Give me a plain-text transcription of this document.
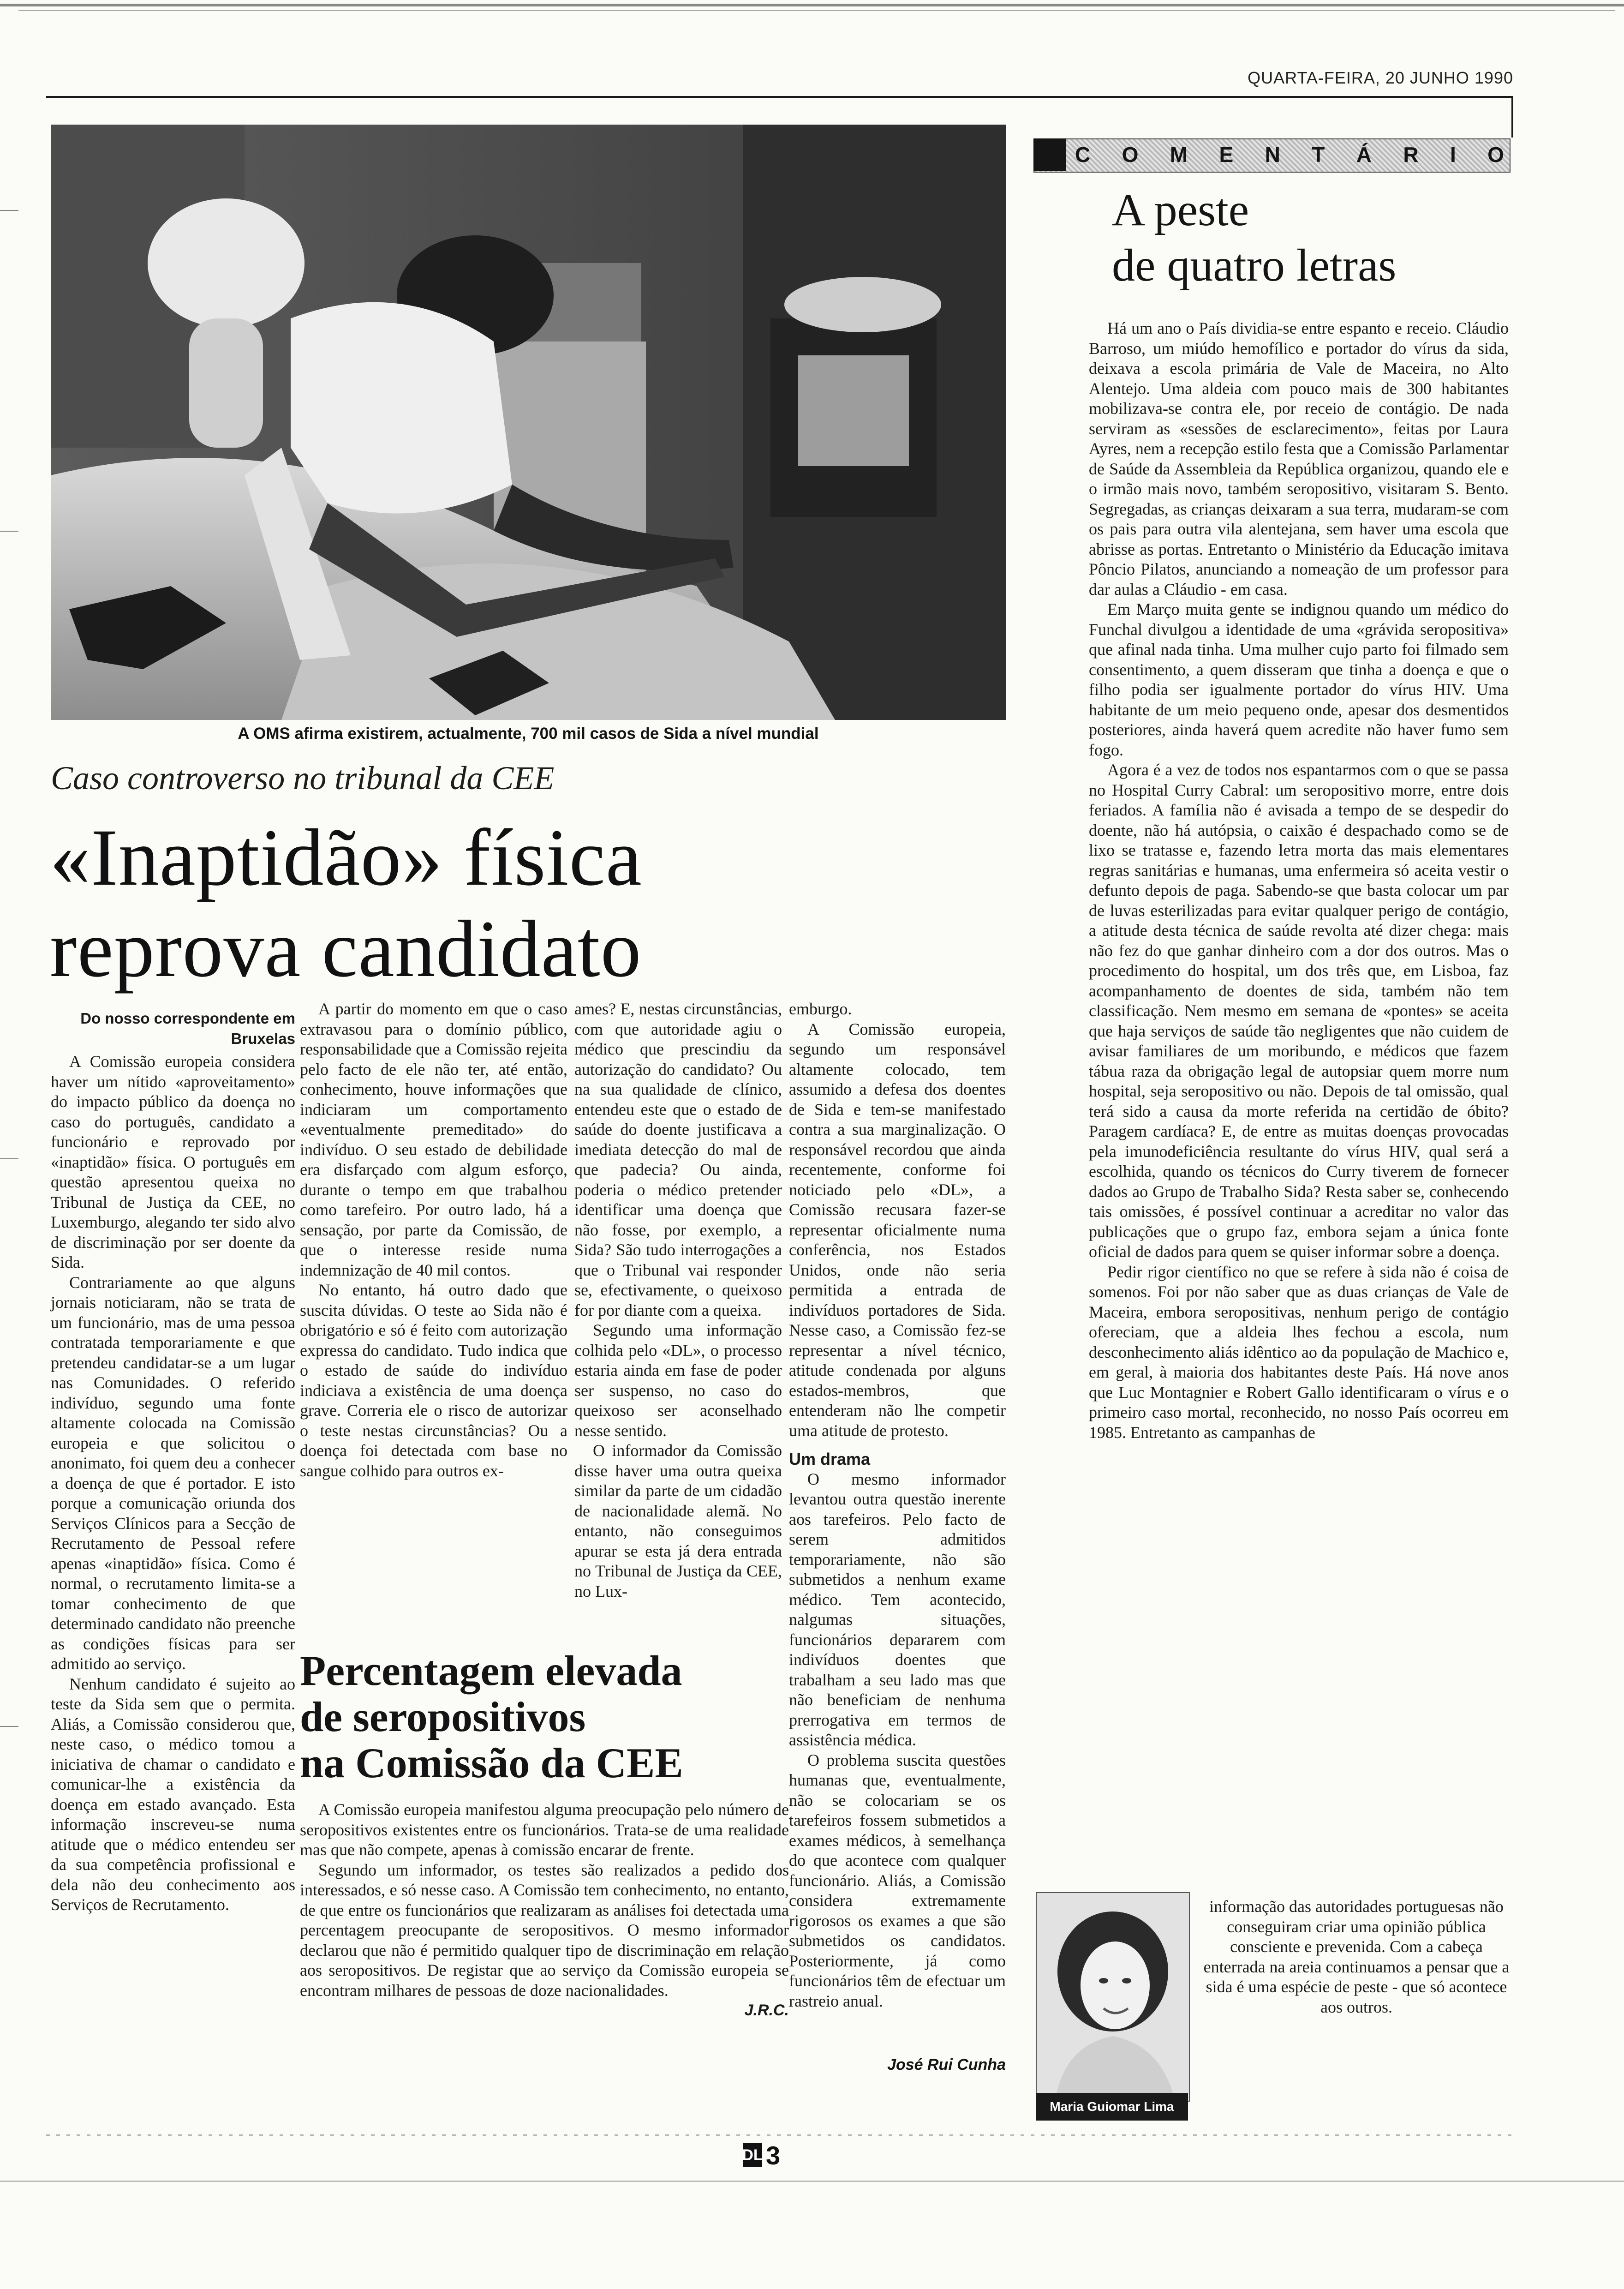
QUARTA-FEIRA, 20 JUNHO 1990
A OMS afirma existirem, actualmente, 700 mil casos de Sida a nível mundial
Caso controverso no tribunal da CEE
«Inaptidão» física
reprova candidato
Do nosso correspondente em Bruxelas

A Comissão europeia considera haver um nítido «aproveitamento» do impacto público da doença no caso do português, candidato a funcionário e reprovado por «inaptidão» física. O português em questão apresentou queixa no Tribunal de Justiça da CEE, no Luxemburgo, alegando ter sido alvo de discriminação por ser doente da Sida.

Contrariamente ao que alguns jornais noticiaram, não se trata de um funcionário, mas de uma pessoa contratada temporariamente e que pretendeu candidatar-se a um lugar nas Comunidades. O referido indivíduo, segundo uma fonte altamente colocada na Comissão europeia e que solicitou o anonimato, foi quem deu a conhecer a doença de que é portador. E isto porque a comunicação oriunda dos Serviços Clínicos para a Secção de Recrutamento de Pessoal refere apenas «inaptidão» física. Como é normal, o recrutamento limita-se a tomar conhecimento de que determinado candidato não preenche as condições físicas para ser admitido ao serviço.

Nenhum candidato é sujeito ao teste da Sida sem que o permita. Aliás, a Comissão considerou que, neste caso, o médico tomou a iniciativa de chamar o candidato e comunicar-lhe a existência da doença em estado avançado. Esta informação inscreveu-se numa atitude que o médico entendeu ser da sua competência profissional e dela não deu conhecimento aos Serviços de Recrutamento.

A partir do momento em que o caso extravasou para o domínio público, responsabilidade que a Comissão rejeita pelo facto de ele não ter, até então, conhecimento, houve informações que indiciaram um comportamento «eventualmente premeditado» do indivíduo. O seu estado de debilidade era disfarçado com algum esforço, durante o tempo em que trabalhou como tarefeiro. Por outro lado, há a sensação, por parte da Comissão, de que o interesse reside numa indemnização de 40 mil contos.

No entanto, há outro dado que suscita dúvidas. O teste ao Sida não é obrigatório e só é feito com autorização expressa do candidato. Tudo indica que o estado de saúde do indivíduo indiciava a existência de uma doença grave. Correria ele o risco de autorizar o teste nestas circunstâncias? Ou a doença foi detectada com base no sangue colhido para outros ex-

ames? E, nestas circunstâncias, com que autoridade agiu o médico que prescindiu da autorização do candidato? Ou na sua qualidade de clínico, entendeu este que o estado de saúde do doente justificava a imediata detecção do mal de que padecia? Ou ainda, poderia o médico pretender identificar uma doença que não fosse, por exemplo, a Sida? São tudo interrogações a que o Tribunal vai responder se, efectivamente, o queixoso for por diante com a queixa.

Segundo uma informação colhida pelo «DL», o processo estaria ainda em fase de poder ser suspenso, no caso do queixoso ser aconselhado nesse sentido.

O informador da Comissão disse haver uma outra queixa similar da parte de um cidadão de nacionalidade alemã. No entanto, não conseguimos apurar se esta já dera entrada no Tribunal de Justiça da CEE, no Lux-

emburgo.

A Comissão europeia, segundo um responsável altamente colocado, tem assumido a defesa dos doentes de Sida e tem-se manifestado contra a sua marginalização. O responsável recordou que ainda recentemente, conforme foi noticiado pelo «DL», a Comissão recusara fazer-se representar oficialmente numa conferência, nos Estados Unidos, onde não seria permitida a entrada de indivíduos portadores de Sida. Nesse caso, a Comissão fez-se representar a nível técnico, atitude condenada por alguns estados-membros, que entenderam não lhe competir uma atitude de protesto.

Um drama

O mesmo informador levantou outra questão inerente aos tarefeiros. Pelo facto de serem admitidos temporariamente, não são submetidos a nenhum exame médico. Tem acontecido, nalgumas situações, funcionários depararem com indivíduos doentes que trabalham a seu lado mas que não beneficiam de nenhuma prerrogativa em termos de assistência médica.

O problema suscita questões humanas que, eventualmente, não se colocariam se os tarefeiros fossem submetidos a exames médicos, à semelhança do que acontece com qualquer funcionário. Aliás, a Comissão considera extremamente rigorosos os exames a que são submetidos os candidatos. Posteriormente, já como funcionários têm de efectuar um rastreio anual.

José Rui Cunha
Percentagem elevada
de seropositivos
na Comissão da CEE

A Comissão europeia manifestou alguma preocupação pelo número de seropositivos existentes entre os funcionários. Trata-se de uma realidade mas que não compete, apenas à comissão encarar de frente.

Segundo um informador, os testes são realizados a pedido dos interessados, e só nesse caso. A Comissão tem conhecimento, no entanto, de que entre os funcionários que realizaram as análises foi detectada uma percentagem preocupante de seropositivos. O mesmo informador declarou que não é permitido qualquer tipo de discriminação em relação aos seropositivos. De registar que ao serviço da Comissão europeia se encontram milhares de pessoas de doze nacionalidades.

J.R.C.
C O M E N T Á R I O
A peste
de quatro letras

Há um ano o País dividia-se entre espanto e receio. Cláudio Barroso, um miúdo hemofílico e portador do vírus da sida, deixava a escola primária de Vale de Maceira, no Alto Alentejo. Uma aldeia com pouco mais de 300 habitantes mobilizava-se contra ele, por receio de contágio. De nada serviram as «sessões de esclarecimento», feitas por Laura Ayres, nem a recepção estilo festa que a Comissão Parlamentar de Saúde da Assembleia da República organizou, quando ele e o irmão mais novo, também seropositivo, visitaram S. Bento. Segregadas, as crianças deixaram a sua terra, mudaram-se com os pais para outra vila alentejana, sem haver uma escola que abrisse as portas. Entretanto o Ministério da Educação imitava Pôncio Pilatos, anunciando a nomeação de um professor para dar aulas a Cláudio - em casa.

Em Março muita gente se indignou quando um médico do Funchal divulgou a identidade de uma «grávida seropositiva» que afinal nada tinha. Uma mulher cujo parto foi filmado sem consentimento, a quem disseram que tinha a doença e que o filho podia ser igualmente portador do vírus HIV. Uma habitante de um meio pequeno onde, apesar dos desmentidos posteriores, ainda haverá quem acredite não haver fumo sem fogo.

Agora é a vez de todos nos espantarmos com o que se passa no Hospital Curry Cabral: um seropositivo morre, entre dois feriados. A família não é avisada a tempo de se despedir do doente, não há autópsia, o caixão é despachado como se de lixo se tratasse e, fazendo letra morta das mais elementares regras sanitárias e humanas, uma enfermeira só aceita vestir o defunto depois de paga. Sabendo-se que basta colocar um par de luvas esterilizadas para evitar qualquer perigo de contágio, a atitude desta técnica de saúde revolta até dizer chega: mais não fez do que ganhar dinheiro com a dor dos outros. Mas o procedimento do hospital, um dos três que, em Lisboa, faz acompanhamento de doentes de sida, também não tem classificação. Nem mesmo em semana de «pontes» se aceita que haja serviços de saúde tão negligentes que não cuidem de avisar familiares de um moribundo, e médicos que fazem tábua raza da obrigação legal de autopsiar quem morre num hospital, seja seropositivo ou não. Depois de tal omissão, qual terá sido a causa da morte referida na certidão de óbito? Paragem cardíaca? E, de entre as muitas doenças provocadas pela imunodeficiência resultante do vírus HIV, qual será a escolhida, quando os técnicos do Curry tiverem de fornecer dados ao Grupo de Trabalho Sida? Resta saber se, conhecendo tais omissões, é possível continuar a acreditar no valor das publicações que o grupo faz, embora sejam a única fonte oficial de dados para quem se quiser informar sobre a doença.

Pedir rigor científico no que se refere à sida não é coisa de somenos. Foi por não saber que as duas crianças de Vale de Maceira, embora seropositivas, nenhum perigo de contágio ofereciam, que a aldeia lhes fechou a escola, num desconhecimento aliás idêntico ao da população de Machico e, em geral, à maioria dos habitantes deste País. Há nove anos que Luc Montagnier e Robert Gallo identificaram o vírus e o primeiro caso mortal, reconhecido, no nosso País ocorreu em 1985. Entretanto as campanhas de

Maria Guiomar Lima

informação das autoridades portuguesas não conseguiram criar uma opinião pública consciente e prevenida. Com a cabeça enterrada na areia continuamos a pensar que a sida é uma espécie de peste - que só acontece aos outros.

DL 3
